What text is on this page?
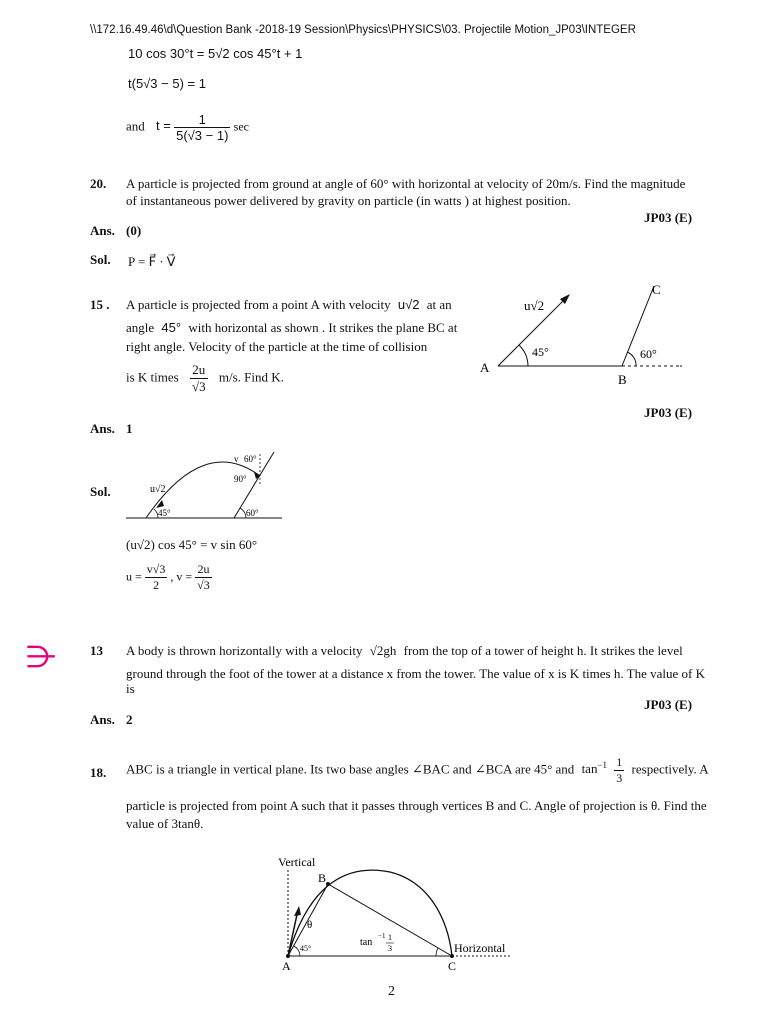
\\172.16.49.46\d\Question Bank -2018-19 Session\Physics\PHYSICS\03. Projectile Motion_JP03\INTEGER
10 cos 30°t = 5√2 cos 45°t + 1
t(5√3 − 5) = 1
and $t = \frac{1}{5(√3 - 1)}$ sec
20. A particle is projected from ground at angle of 60° with horizontal at velocity of 20m/s. Find the magnitude of instantaneous power delivered by gravity on particle (in watts ) at highest position.
JP03 (E)
Ans. (0)
Sol. P = F⃗ · V⃗
15 . A particle is projected from a point A with velocity u√2 at an
angle 45° with horizontal as shown . It strikes the plane BC at
right angle. Velocity of the particle at the time of collision
is K times $\frac{2u}{√3} m/s$. Find K.
u√2
45°
A
B
C
60°
JP03 (E)
Ans. 1
Sol.	u√2
45°	60°
v 60°
90°
(u√2) cos 45° = v sin 60°
$u = \frac{v√3}{2}$ , $v = \frac{2u}{√3}$
⋺	13 A body is thrown horizontally with a velocity √2gh from the top of a tower of height h. It strikes the level
ground through the foot of the tower at a distance x from the tower. The value of x is K times h. The value of K
is
JP03 (E)
Ans. 2
18. ABC is a triangle in vertical plane. Its two base angles ∠BAC and ∠BCA are 45° and $\tan^{-1} \frac{1}{3}$ respectively. A
particle is projected from point A such that it passes through vertices B and C. Angle of projection is θ. Find the
value of 3tanθ.
Vertical
Horizontal
A
B
C
θ
45°
tan
−1 1
3
2
